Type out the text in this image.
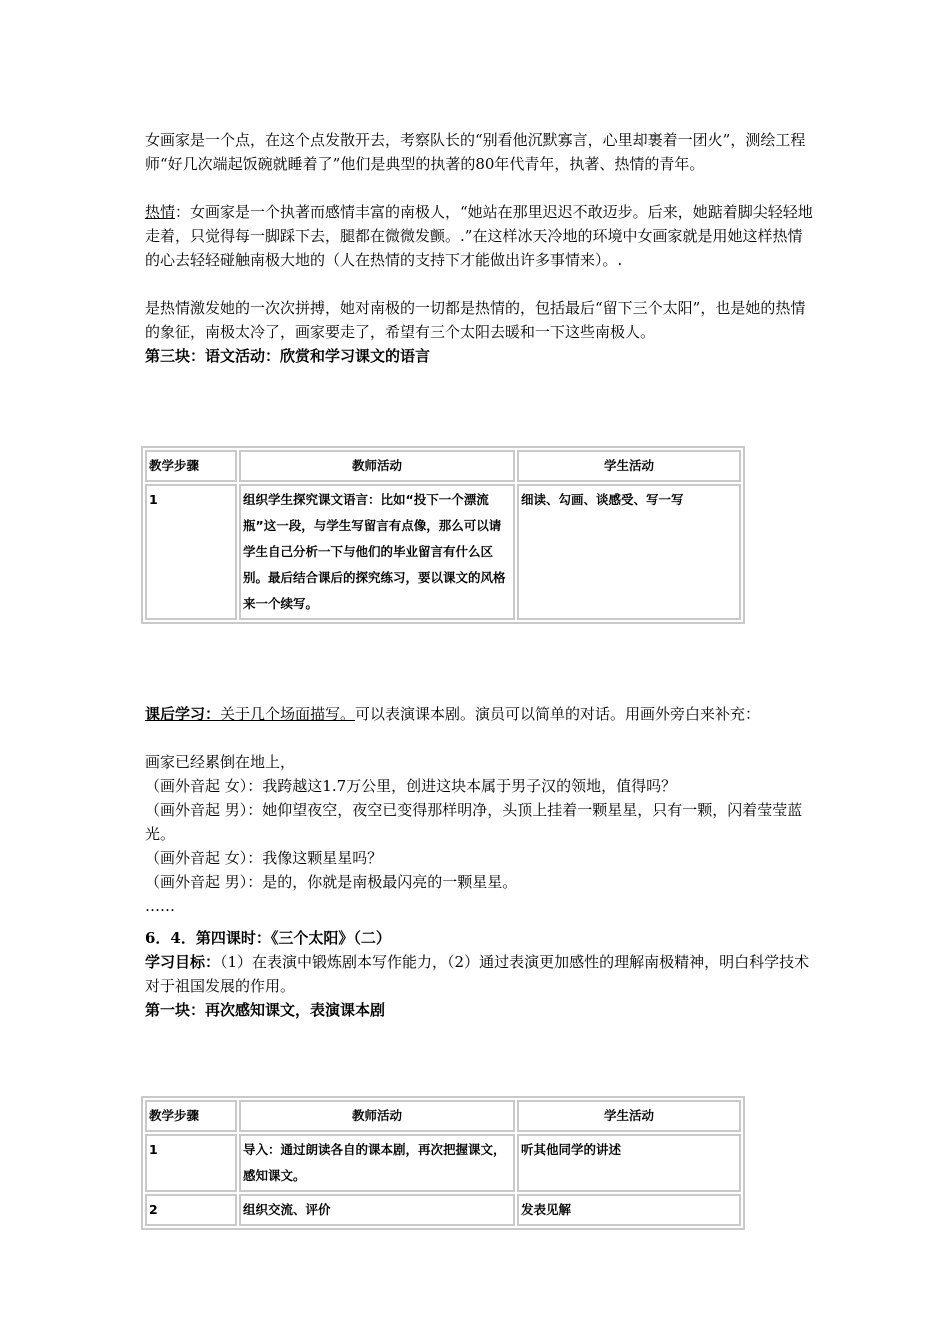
女画家是一个点，在这个点发散开去，考察队长的“别看他沉默寡言，心里却裹着一团火”，测绘工程师“好几次端起饭碗就睡着了”他们是典型的执著的80年代青年，执著、热情的青年。
热情：女画家是一个执著而感情丰富的南极人，“她站在那里迟迟不敢迈步。后来，她踮着脚尖轻轻地走着，只觉得每一脚踩下去，腿都在微微发颤。.”在这样冰天冷地的环境中女画家就是用她这样热情的心去轻轻碰触南极大地的（人在热情的支持下才能做出许多事情来）。.
是热情激发她的一次次拼搏，她对南极的一切都是热情的，包括最后“留下三个太阳”，也是她的热情的象征，南极太冷了，画家要走了，希望有三个太阳去暖和一下这些南极人。
第三块：语文活动：欣赏和学习课文的语言
教学步骤	教师活动	学生活动
1	组织学生探究课文语言：比如“投下一个漂流瓶”这一段，与学生写留言有点像，那么可以请学生自己分析一下与他们的毕业留言有什么区别。最后结合课后的探究练习，要以课文的风格来一个续写。	细读、勾画、谈感受、写一写
课后学习：关于几个场面描写。可以表演课本剧。演员可以简单的对话。用画外旁白来补充：
画家已经累倒在地上，
（画外音起 女）：我跨越这1.7万公里，创进这块本属于男子汉的领地，值得吗？
（画外音起 男）：她仰望夜空，夜空已变得那样明净，头顶上挂着一颗星星，只有一颗，闪着莹莹蓝光。
（画外音起 女）：我像这颗星星吗？
（画外音起 男）：是的，你就是南极最闪亮的一颗星星。
……
6．4．第四课时：《三个太阳》（二）
学习目标：（1）在表演中锻炼剧本写作能力，（2）通过表演更加感性的理解南极精神，明白科学技术对于祖国发展的作用。
第一块：再次感知课文，表演课本剧
教学步骤	教师活动	学生活动
1	导入：通过朗读各自的课本剧，再次把握课文，感知课文。	听其他同学的讲述
2	组织交流、评价	发表见解
